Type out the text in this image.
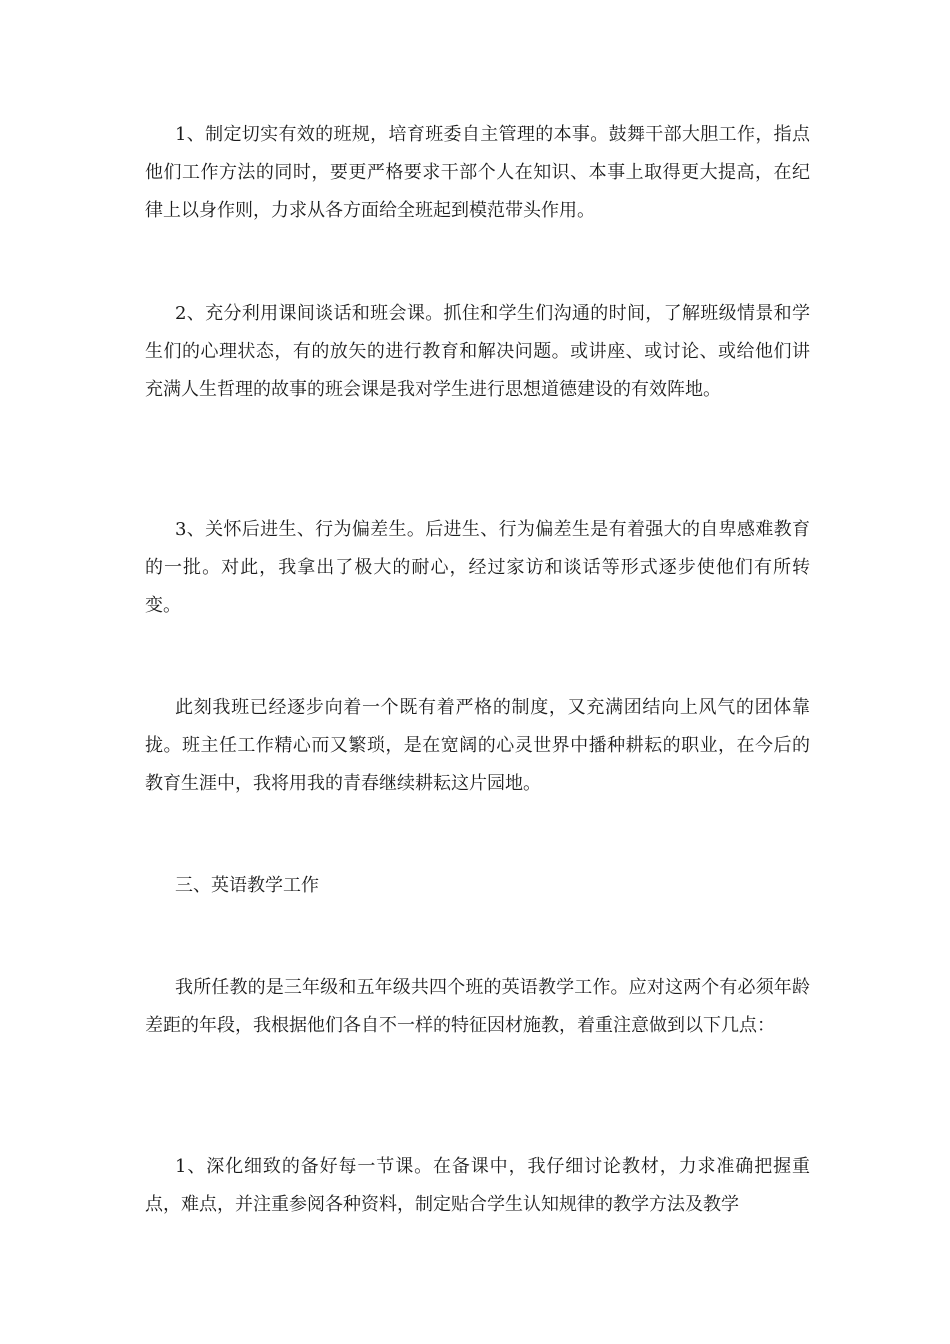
1、制定切实有效的班规，培育班委自主管理的本事。鼓舞干部大胆工作，指点他们工作方法的同时，要更严格要求干部个人在知识、本事上取得更大提高，在纪律上以身作则，力求从各方面给全班起到模范带头作用。

2、充分利用课间谈话和班会课。抓住和学生们沟通的时间，了解班级情景和学生们的心理状态，有的放矢的进行教育和解决问题。或讲座、或讨论、或给他们讲充满人生哲理的故事的班会课是我对学生进行思想道德建设的有效阵地。

3、关怀后进生、行为偏差生。后进生、行为偏差生是有着强大的自卑感难教育的一批。对此，我拿出了极大的耐心，经过家访和谈话等形式逐步使他们有所转变。

此刻我班已经逐步向着一个既有着严格的制度，又充满团结向上风气的团体靠拢。班主任工作精心而又繁琐，是在宽阔的心灵世界中播种耕耘的职业，在今后的教育生涯中，我将用我的青春继续耕耘这片园地。

三、英语教学工作

我所任教的是三年级和五年级共四个班的英语教学工作。应对这两个有必须年龄差距的年段，我根据他们各自不一样的特征因材施教，着重注意做到以下几点：

1、深化细致的备好每一节课。在备课中，我仔细讨论教材，力求准确把握重点，难点，并注重参阅各种资料，制定贴合学生认知规律的教学方法及教学
